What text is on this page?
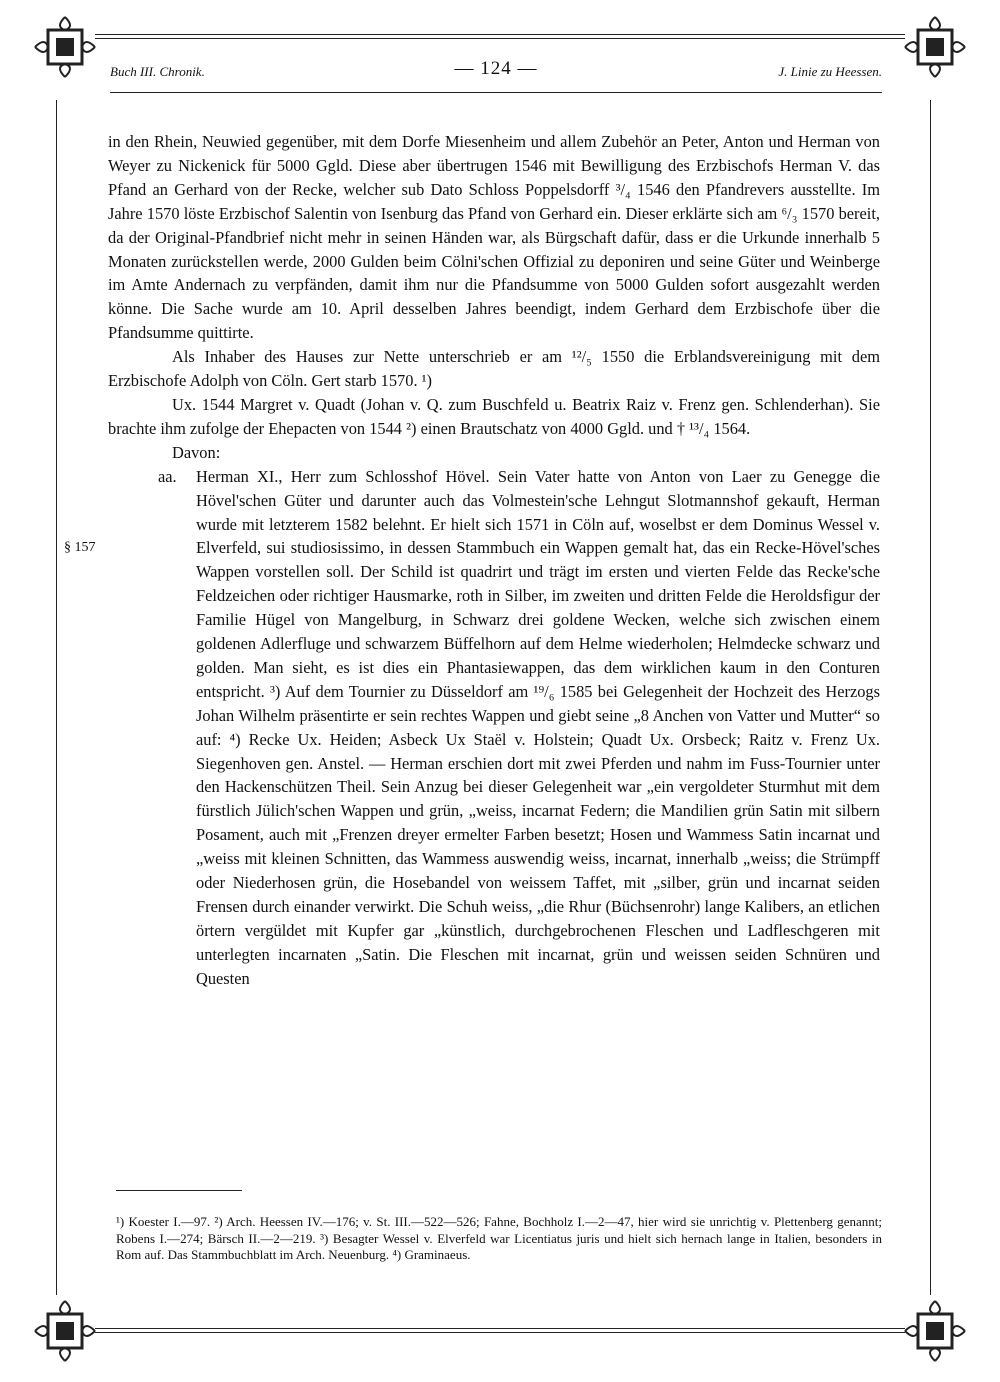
Buch III. Chronik.	— 124 —	J. Linie zu Heessen.
§ 157

in den Rhein, Neuwied gegenüber, mit dem Dorfe Miesenheim und allem Zubehör an Peter, Anton und Herman von Weyer zu Nickenick für 5000 Ggld. Diese aber übertrugen 1546 mit Bewilligung des Erzbischofs Herman V. das Pfand an Gerhard von der Recke, welcher sub Dato Schloss Poppelsdorff ³/₄ 1546 den Pfandrevers ausstellte. Im Jahre 1570 löste Erzbischof Salentin von Isenburg das Pfand von Gerhard ein. Dieser erklärte sich am ⁶/₃ 1570 bereit, da der Original-Pfandbrief nicht mehr in seinen Händen war, als Bürgschaft dafür, dass er die Urkunde innerhalb 5 Monaten zurückstellen werde, 2000 Gulden beim Cölni'schen Offizial zu deponiren und seine Güter und Weinberge im Amte Andernach zu verpfänden, damit ihm nur die Pfandsumme von 5000 Gulden sofort ausgezahlt werden könne. Die Sache wurde am 10. April desselben Jahres beendigt, indem Gerhard dem Erzbischofe über die Pfandsumme quittirte.

Als Inhaber des Hauses zur Nette unterschrieb er am ¹²/₅ 1550 die Erblandsvereinigung mit dem Erzbischofe Adolph von Cöln. Gert starb 1570. ¹)

Ux. 1544 Margret v. Quadt (Johan v. Q. zum Buschfeld u. Beatrix Raiz v. Frenz gen. Schlenderhan). Sie brachte ihm zufolge der Ehepacten von 1544 ²) einen Brautschatz von 4000 Ggld. und † ¹³/₄ 1564.

Davon:

aa. Herman XI., Herr zum Schlosshof Hövel. Sein Vater hatte von Anton von Laer zu Genegge die Hövel'schen Güter und darunter auch das Volmestein'sche Lehngut Slotmannshof gekauft, Herman wurde mit letzterem 1582 belehnt. Er hielt sich 1571 in Cöln auf, woselbst er dem Dominus Wessel v. Elverfeld, sui studiosissimo, in dessen Stammbuch ein Wappen gemalt hat, das ein Recke-Hövel'sches Wappen vorstellen soll. Der Schild ist quadrirt und trägt im ersten und vierten Felde das Recke'sche Feldzeichen oder richtiger Hausmarke, roth in Silber, im zweiten und dritten Felde die Heroldsfigur der Familie Hügel von Mangelburg, in Schwarz drei goldene Wecken, welche sich zwischen einem goldenen Adlerfluge und schwarzem Büffelhorn auf dem Helme wiederholen; Helmdecke schwarz und golden. Man sieht, es ist dies ein Phantasiewappen, das dem wirklichen kaum in den Conturen entspricht. ³) Auf dem Tournier zu Düsseldorf am ¹⁹/₆ 1585 bei Gelegenheit der Hochzeit des Herzogs Johan Wilhelm präsentirte er sein rechtes Wappen und giebt seine „8 Anchen von Vatter und Mutter“ so auf: ⁴) Recke Ux. Heiden; Asbeck Ux Staël v. Holstein; Quadt Ux. Orsbeck; Raitz v. Frenz Ux. Siegenhoven gen. Anstel. — Herman erschien dort mit zwei Pferden und nahm im Fuss-Tournier unter den Hackenschützen Theil. Sein Anzug bei dieser Gelegenheit war „ein vergoldeter Sturmhut mit dem fürstlich Jülich'schen Wappen und grün, „weiss, incarnat Federn; die Mandilien grün Satin mit silbern Posament, auch mit „Frenzen dreyer ermelter Farben besetzt; Hosen und Wammess Satin incarnat und „weiss mit kleinen Schnitten, das Wammess auswendig weiss, incarnat, innerhalb „weiss; die Strümpff oder Niederhosen grün, die Hosebandel von weissem Taffet, mit „silber, grün und incarnat seiden Frensen durch einander verwirkt. Die Schuh weiss, „die Rhur (Büchsenrohr) lange Kalibers, an etlichen örtern vergüldet mit Kupfer gar „künstlich, durchgebrochenen Fleschen und Ladfleschgeren mit unterlegten incarnaten „Satin. Die Fleschen mit incarnat, grün und weissen seiden Schnüren und Questen

¹) Koester I.—97. ²) Arch. Heessen IV.—176; v. St. III.—522—526; Fahne, Bochholz I.—2—47, hier wird sie unrichtig v. Plettenberg genannt; Robens I.—274; Bärsch II.—2—219. ³) Besagter Wessel v. Elverfeld war Licentiatus juris und hielt sich hernach lange in Italien, besonders in Rom auf. Das Stammbuchblatt im Arch. Neuenburg. ⁴) Graminaeus.
